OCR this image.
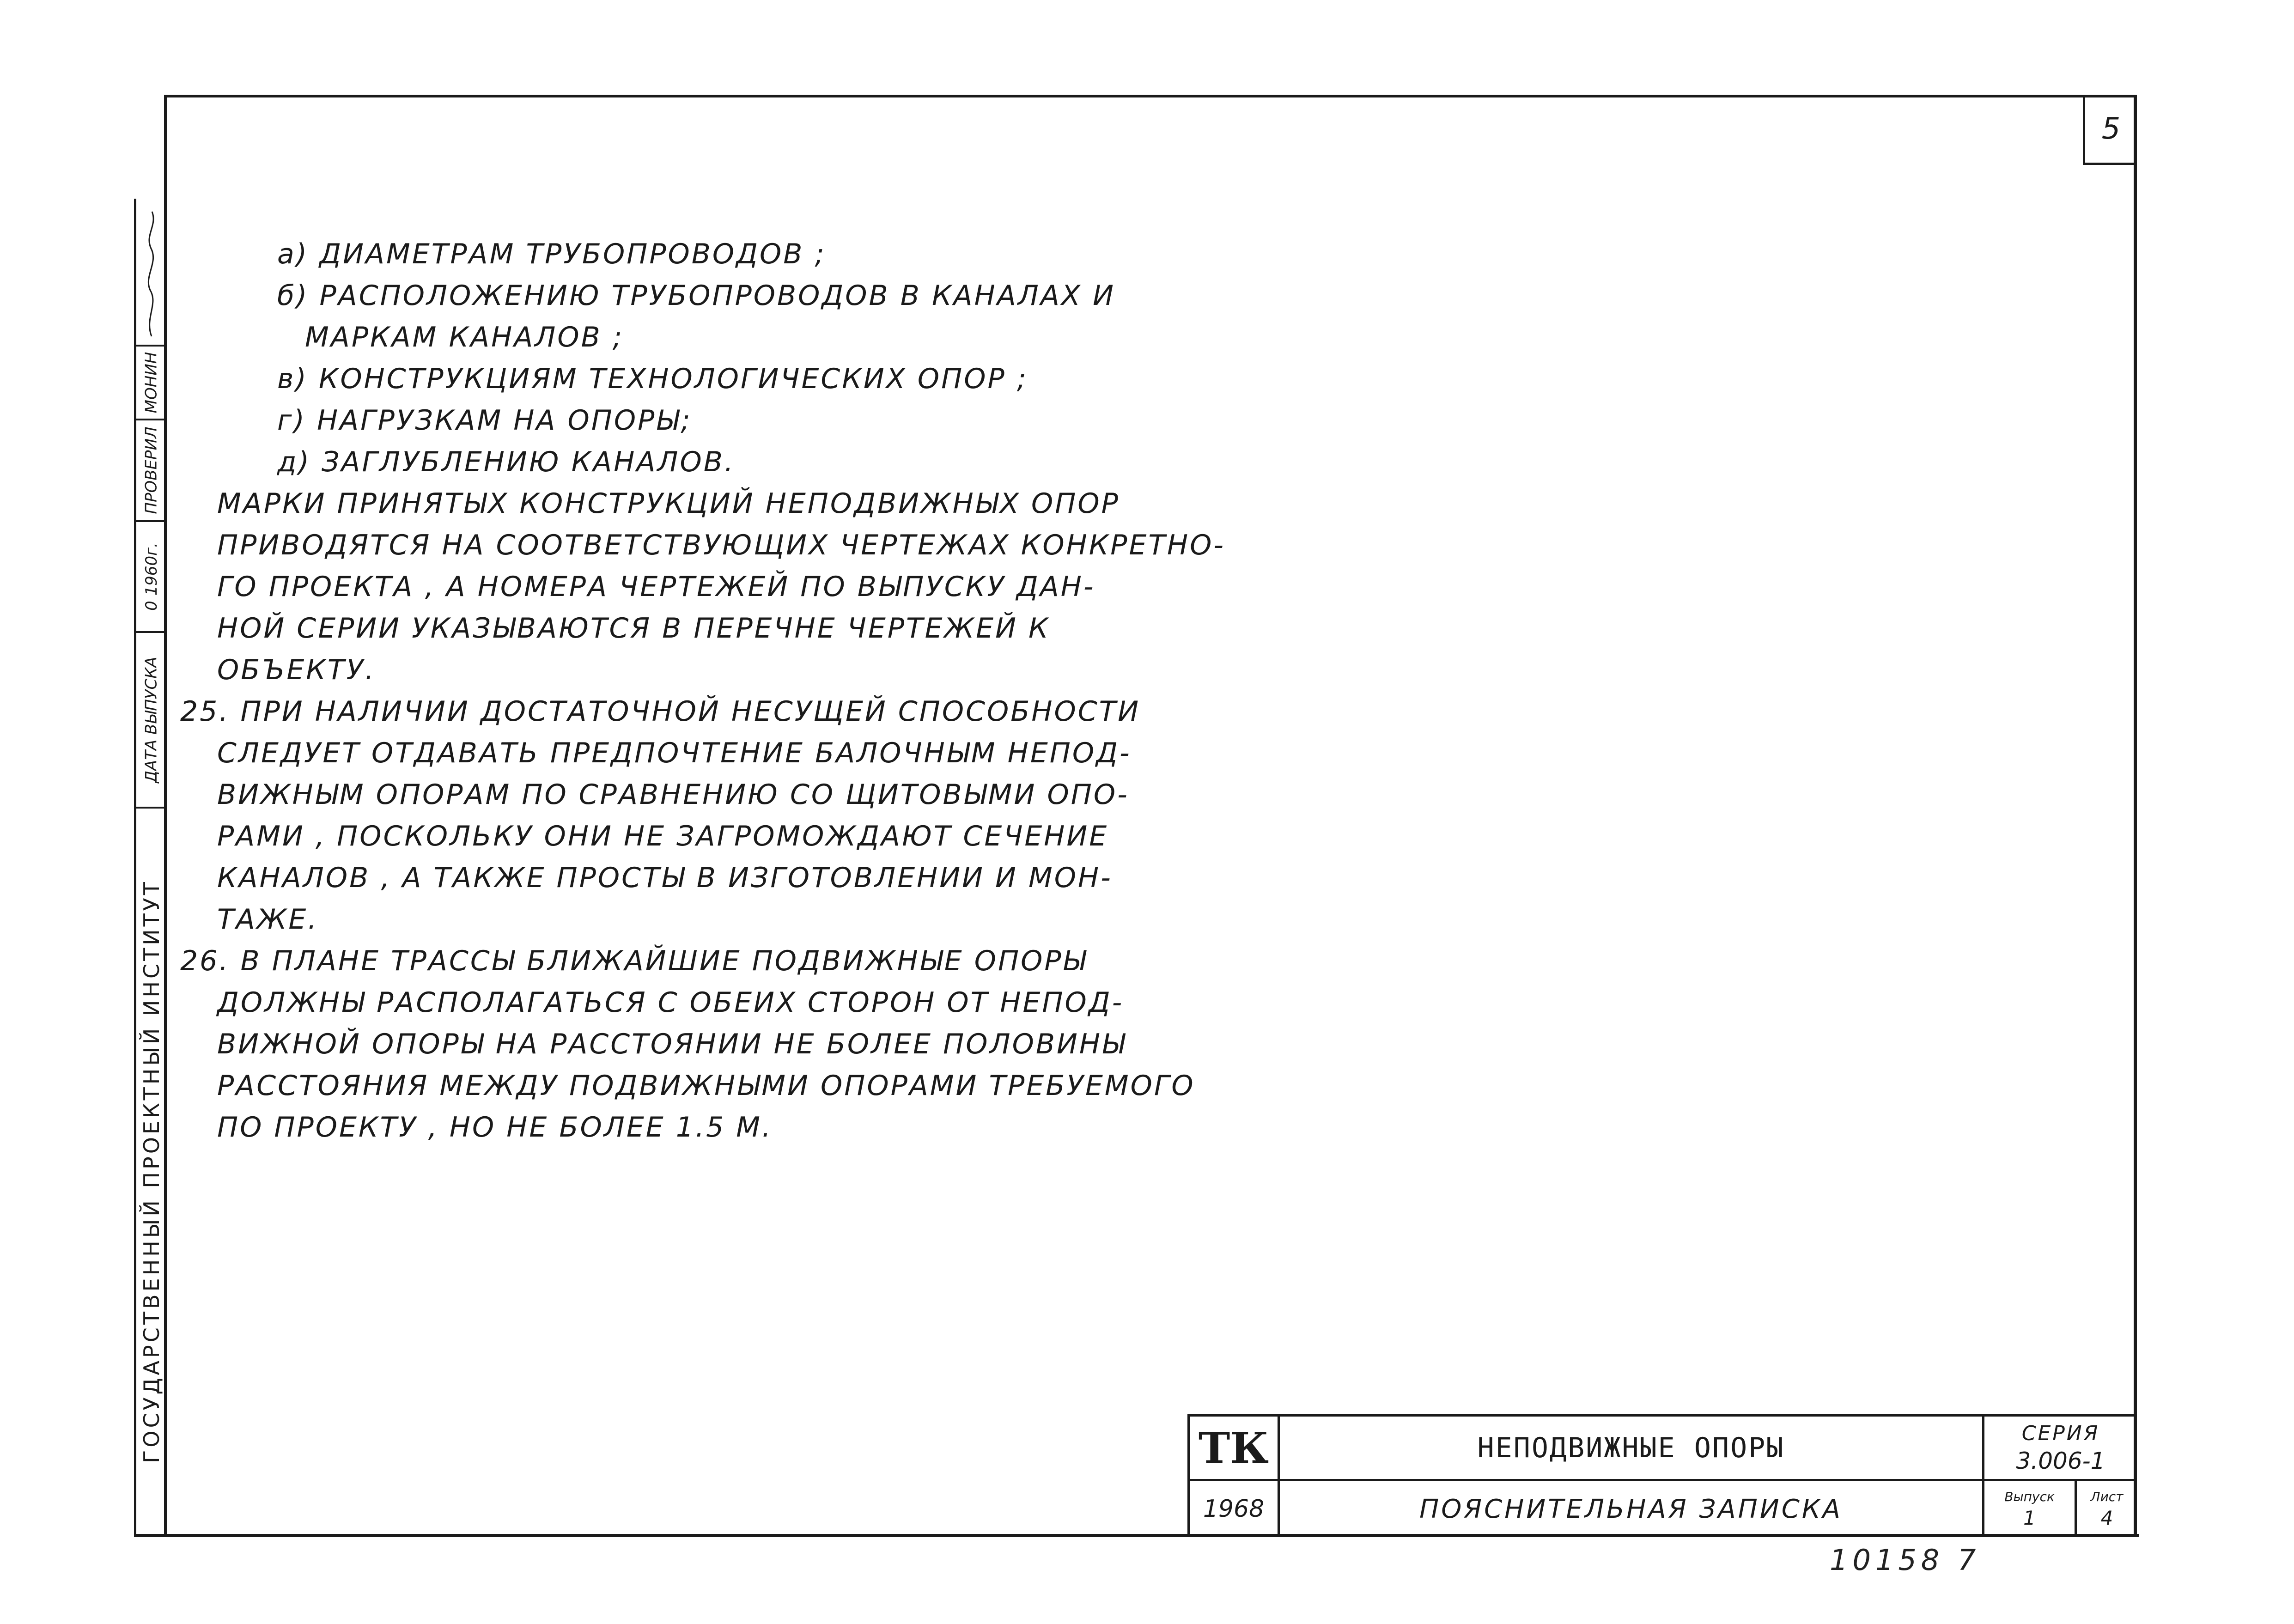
5
МОНИН
ПРОВЕРИЛ
0 1960г.
ДАТА ВЫПУСКА
ГОСУДАРСТВЕННЫЙ ПРОЕКТНЫЙ ИНСТИТУТ
а) ДИАМЕТРАМ ТРУБОПРОВОДОВ ;
б) РАСПОЛОЖЕНИЮ ТРУБОПРОВОДОВ В КАНАЛАХ И
МАРКАМ КАНАЛОВ ;
в) КОНСТРУКЦИЯМ ТЕХНОЛОГИЧЕСКИХ ОПОР ;
г) НАГРУЗКАМ НА ОПОРЫ;
д) ЗАГЛУБЛЕНИЮ КАНАЛОВ.
МАРКИ ПРИНЯТЫХ КОНСТРУКЦИЙ НЕПОДВИЖНЫХ ОПОР
ПРИВОДЯТСЯ НА СООТВЕТСТВУЮЩИХ ЧЕРТЕЖАХ КОНКРЕТНО-
ГО ПРОЕКТА , А НОМЕРА ЧЕРТЕЖЕЙ ПО ВЫПУСКУ ДАН-
НОЙ СЕРИИ УКАЗЫВАЮТСЯ В ПЕРЕЧНЕ ЧЕРТЕЖЕЙ К
ОБЪЕКТУ.
25. ПРИ НАЛИЧИИ ДОСТАТОЧНОЙ НЕСУЩЕЙ СПОСОБНОСТИ
СЛЕДУЕТ ОТДАВАТЬ ПРЕДПОЧТЕНИЕ БАЛОЧНЫМ НЕПОД-
ВИЖНЫМ ОПОРАМ ПО СРАВНЕНИЮ СО ЩИТОВЫМИ ОПО-
РАМИ , ПОСКОЛЬКУ ОНИ НЕ ЗАГРОМОЖДАЮТ СЕЧЕНИЕ
КАНАЛОВ , А ТАКЖЕ ПРОСТЫ В ИЗГОТОВЛЕНИИ И МОН-
ТАЖЕ.
26. В ПЛАНЕ ТРАССЫ БЛИЖАЙШИЕ ПОДВИЖНЫЕ ОПОРЫ
ДОЛЖНЫ РАСПОЛАГАТЬСЯ С ОБЕИХ СТОРОН ОТ НЕПОД-
ВИЖНОЙ ОПОРЫ НА РАССТОЯНИИ НЕ БОЛЕЕ ПОЛОВИНЫ
РАССТОЯНИЯ МЕЖДУ ПОДВИЖНЫМИ ОПОРАМИ ТРЕБУЕМОГО
ПО ПРОЕКТУ , НО НЕ БОЛЕЕ 1.5 М.
ТК
1968
НЕПОДВИЖНЫЕ ОПОРЫ
ПОЯСНИТЕЛЬНАЯ ЗАПИСКА
СЕРИЯ
3.006-1
Выпуск
1
Лист
4
10158 7
